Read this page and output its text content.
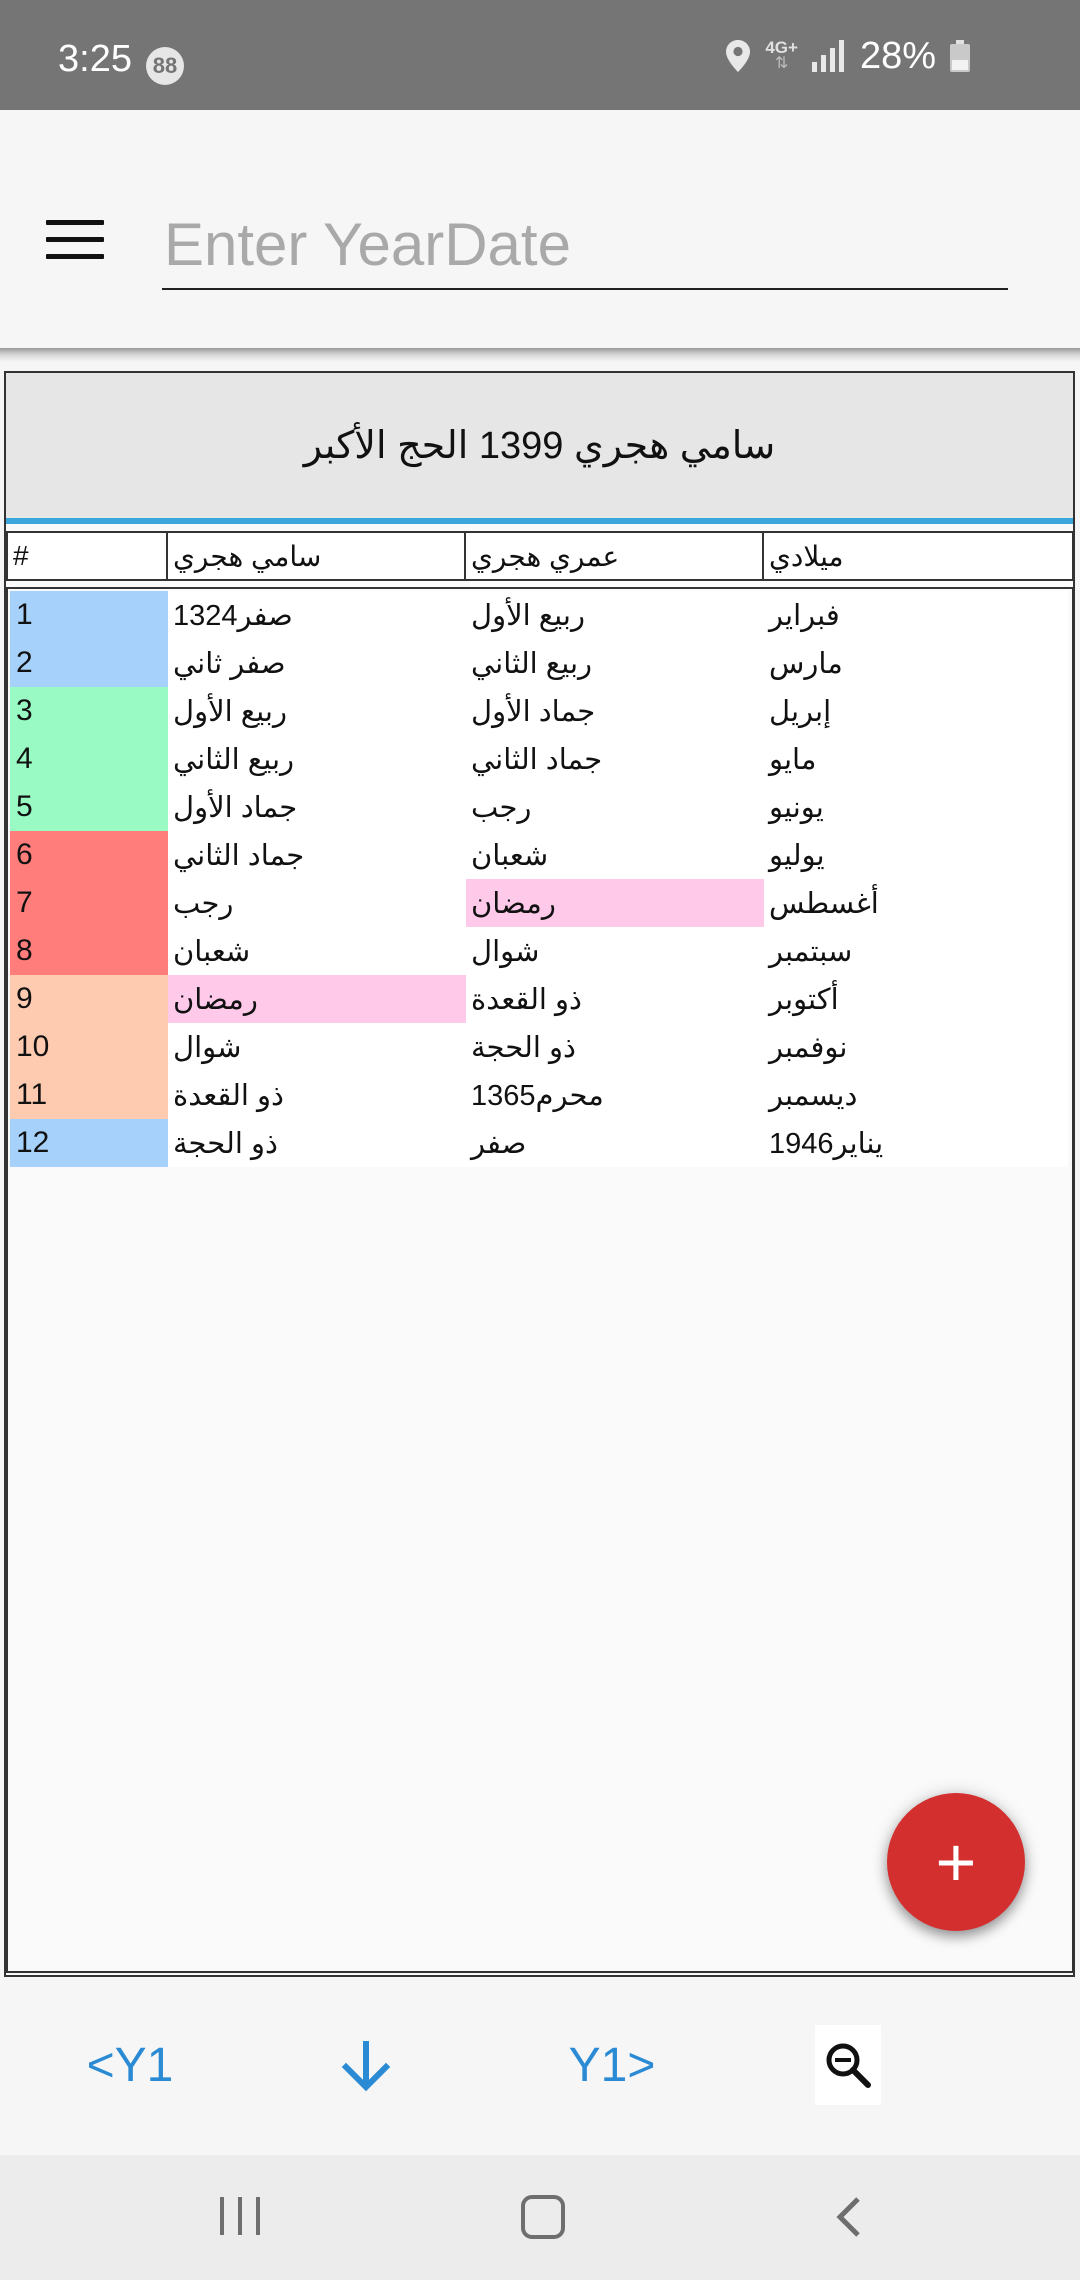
3:25 88
4G+
⇅ 28%
Enter YearDate
سامي هجري 1399 الحج الأكبر
#	سامي هجري	عمري هجري	ميلادي
1	1324صفر	ربيع الأول	فبراير
2	صفر ثاني	ربيع الثاني	مارس
3	ربيع الأول	جماد الأول	إبريل
4	ربيع الثاني	جماد الثاني	مايو
5	جماد الأول	رجب	يونيو
6	جماد الثاني	شعبان	يوليو
7	رجب	رمضان	أغسطس
8	شعبان	شوال	سبتمبر
9	رمضان	ذو القعدة	أكتوبر
10	شوال	ذو الحجة	نوفمبر
11	ذو القعدة	1365محرم	ديسمبر
12	ذو الحجة	صفر	1946يناير
+
<Y1	Y1>
